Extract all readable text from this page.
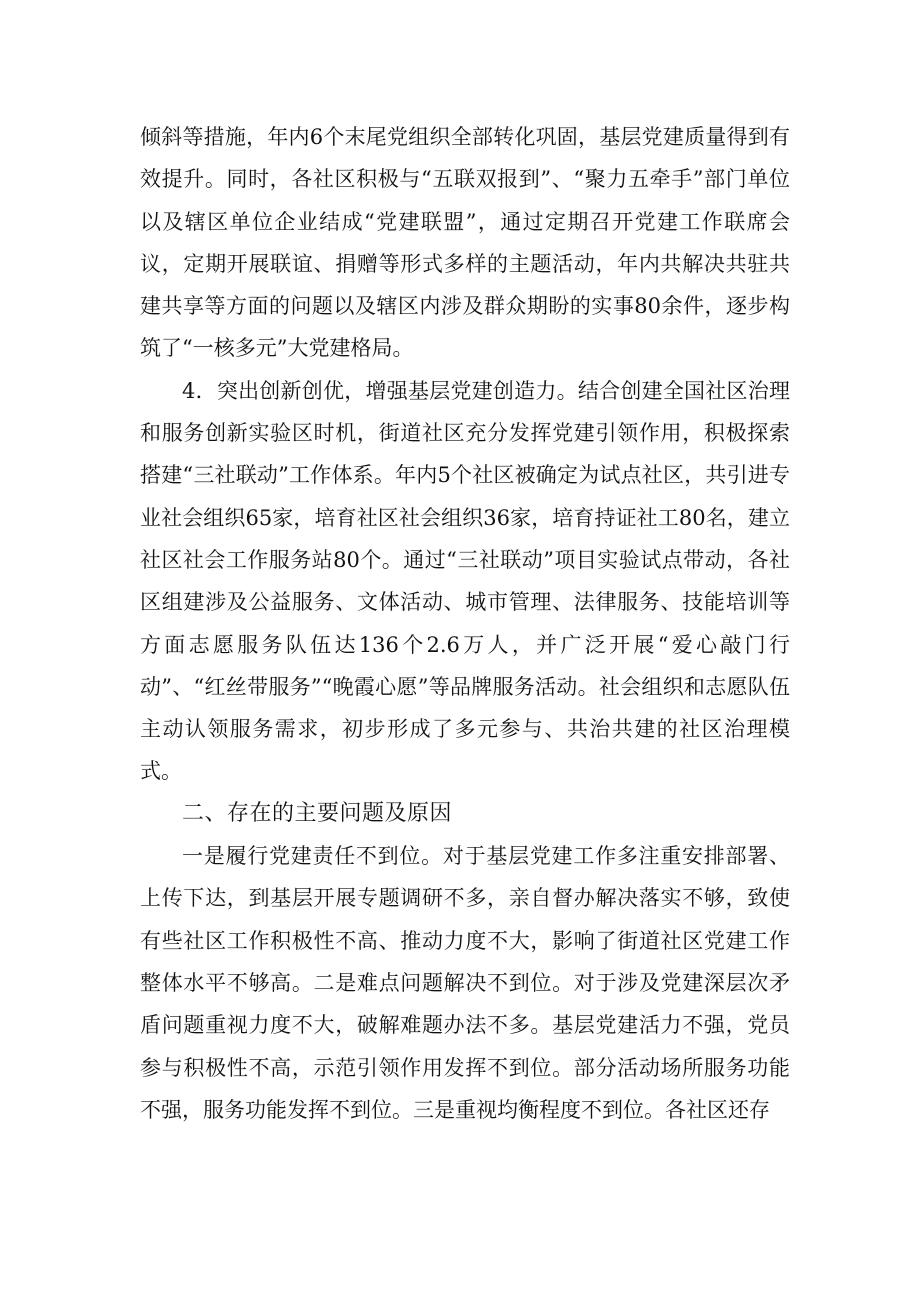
倾斜等措施，年内6个末尾党组织全部转化巩固，基层党建质量得到有效提升。同时，各社区积极与“五联双报到”、“聚力五牵手”部门单位以及辖区单位企业结成“党建联盟”，通过定期召开党建工作联席会议，定期开展联谊、捐赠等形式多样的主题活动，年内共解决共驻共建共享等方面的问题以及辖区内涉及群众期盼的实事80余件，逐步构筑了“一核多元”大党建格局。

4．突出创新创优，增强基层党建创造力。结合创建全国社区治理和服务创新实验区时机，街道社区充分发挥党建引领作用，积极探索搭建“三社联动”工作体系。年内5个社区被确定为试点社区，共引进专业社会组织65家，培育社区社会组织36家，培育持证社工80名，建立社区社会工作服务站80个。通过“三社联动”项目实验试点带动，各社区组建涉及公益服务、文体活动、城市管理、法律服务、技能培训等方面志愿服务队伍达136个2.6万人，并广泛开展“爱心敲门行动”、“红丝带服务”“晚霞心愿”等品牌服务活动。社会组织和志愿队伍主动认领服务需求，初步形成了多元参与、共治共建的社区治理模式。

二、存在的主要问题及原因

一是履行党建责任不到位。对于基层党建工作多注重安排部署、上传下达，到基层开展专题调研不多，亲自督办解决落实不够，致使有些社区工作积极性不高、推动力度不大，影响了街道社区党建工作整体水平不够高。二是难点问题解决不到位。对于涉及党建深层次矛盾问题重视力度不大，破解难题办法不多。基层党建活力不强，党员参与积极性不高，示范引领作用发挥不到位。部分活动场所服务功能不强，服务功能发挥不到位。三是重视均衡程度不到位。各社区还存
